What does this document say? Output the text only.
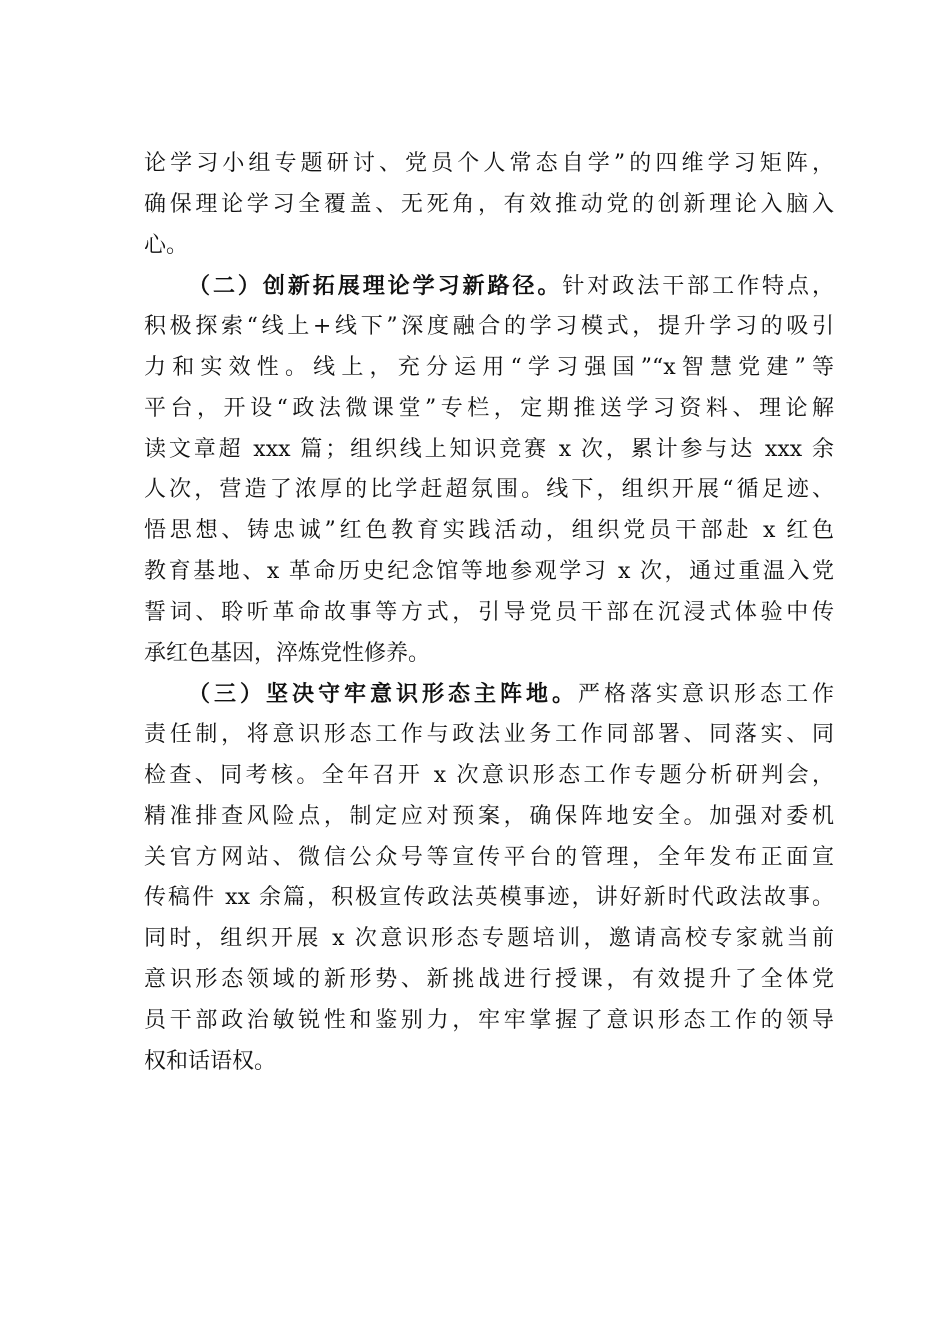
论学习小组专题研讨、党员个人常态自学”的四维学习矩阵，
确保理论学习全覆盖、无死角，有效推动党的创新理论入脑入
心。
（二）创新拓展理论学习新路径。针对政法干部工作特点，
积极探索“线上+线下”深度融合的学习模式，提升学习的吸引
力和实效性。线上，充分运用“学习强国”“x智慧党建”等
平台，开设“政法微课堂”专栏，定期推送学习资料、理论解
读文章超 xxx 篇；组织线上知识竞赛 x 次，累计参与达 xxx 余
人次，营造了浓厚的比学赶超氛围。线下，组织开展“循足迹、
悟思想、铸忠诚”红色教育实践活动，组织党员干部赴 x 红色
教育基地、x 革命历史纪念馆等地参观学习 x 次，通过重温入党
誓词、聆听革命故事等方式，引导党员干部在沉浸式体验中传
承红色基因，淬炼党性修养。
（三）坚决守牢意识形态主阵地。严格落实意识形态工作
责任制，将意识形态工作与政法业务工作同部署、同落实、同
检查、同考核。全年召开 x 次意识形态工作专题分析研判会，
精准排查风险点，制定应对预案，确保阵地安全。加强对委机
关官方网站、微信公众号等宣传平台的管理，全年发布正面宣
传稿件 xx 余篇，积极宣传政法英模事迹，讲好新时代政法故事。
同时，组织开展 x 次意识形态专题培训，邀请高校专家就当前
意识形态领域的新形势、新挑战进行授课，有效提升了全体党
员干部政治敏锐性和鉴别力，牢牢掌握了意识形态工作的领导
权和话语权。
